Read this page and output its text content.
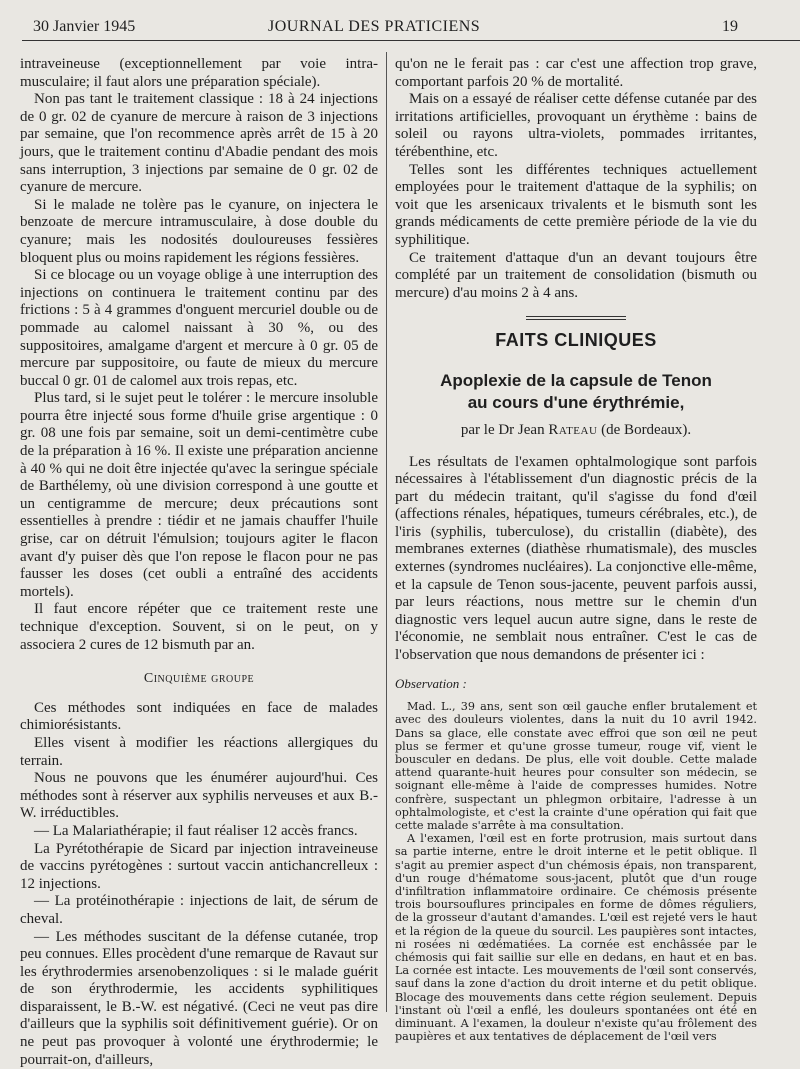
30 Janvier 1945	JOURNAL DES PRATICIENS	19

intraveineuse (exceptionnellement par voie intra-musculaire; il faut alors une préparation spéciale).

Non pas tant le traitement classique : 18 à 24 injections de 0 gr. 02 de cyanure de mercure à raison de 3 injections par semaine, que l'on recommence après arrêt de 15 à 20 jours, que le traitement continu d'Abadie pendant des mois sans interruption, 3 injections par semaine de 0 gr. 02 de cyanure de mercure.

Si le malade ne tolère pas le cyanure, on injectera le benzoate de mercure intramusculaire, à dose double du cyanure; mais les nodosités douloureuses fessières bloquent plus ou moins rapidement les régions fessières.

Si ce blocage ou un voyage oblige à une interruption des injections on continuera le traitement continu par des frictions : 5 à 4 grammes d'onguent mercuriel double ou de pommade au calomel naissant à 30 %, ou des suppositoires, amalgame d'argent et mercure à 0 gr. 05 de mercure par suppositoire, ou faute de mieux du mercure buccal 0 gr. 01 de calomel aux trois repas, etc.

Plus tard, si le sujet peut le tolérer : le mercure insoluble pourra être injecté sous forme d'huile grise argentique : 0 gr. 08 une fois par semaine, soit un demi-centimètre cube de la préparation à 16 %. Il existe une préparation ancienne à 40 % qui ne doit être injectée qu'avec la seringue spéciale de Barthélemy, où une division correspond à une goutte et un centigramme de mercure; deux précautions sont essentielles à prendre : tiédir et ne jamais chauffer l'huile grise, car on détruit l'émulsion; toujours agiter le flacon avant d'y puiser dès que l'on repose le flacon pour ne pas fausser les doses (cet oubli a entraîné des accidents mortels).

Il faut encore répéter que ce traitement reste une technique d'exception. Souvent, si on le peut, on y associera 2 cures de 12 bismuth par an.

Cinquième groupe

Ces méthodes sont indiquées en face de malades chimiorésistants.

Elles visent à modifier les réactions allergiques du terrain.

Nous ne pouvons que les énumérer aujourd'hui. Ces méthodes sont à réserver aux syphilis nerveuses et aux B.-W. irréductibles.

— La Malariathérapie; il faut réaliser 12 accès francs.

La Pyrétothérapie de Sicard par injection intraveineuse de vaccins pyrétogènes : surtout vaccin antichancrelleux : 12 injections.

— La protéinothérapie : injections de lait, de sérum de cheval.

— Les méthodes suscitant de la défense cutanée, trop peu connues. Elles procèdent d'une remarque de Ravaut sur les érythrodermies arsenobenzoliques : si le malade guérit de son érythrodermie, les accidents syphilitiques disparaissent, le B.-W. est négativé. (Ceci ne veut pas dire d'ailleurs que la syphilis soit définitivement guérie). Or on ne peut pas provoquer à volonté une érythrodermie; le pourrait-on, d'ailleurs,

qu'on ne le ferait pas : car c'est une affection trop grave, comportant parfois 20 % de mortalité.

Mais on a essayé de réaliser cette défense cutanée par des irritations artificielles, provoquant un érythème : bains de soleil ou rayons ultra-violets, pommades irritantes, térébenthine, etc.

Telles sont les différentes techniques actuellement employées pour le traitement d'attaque de la syphilis; on voit que les arsenicaux trivalents et le bismuth sont les grands médicaments de cette première période de la vie du syphilitique.

Ce traitement d'attaque d'un an devant toujours être complété par un traitement de consolidation (bismuth ou mercure) d'au moins 2 à 4 ans.

FAITS CLINIQUES
Apoplexie de la capsule de Tenon
au cours d'une érythrémie,

par le Dr Jean Rateau (de Bordeaux).

Les résultats de l'examen ophtalmologique sont parfois nécessaires à l'établissement d'un diagnostic précis de la part du médecin traitant, qu'il s'agisse du fond d'œil (affections rénales, hépatiques, tumeurs cérébrales, etc.), de l'iris (syphilis, tuberculose), du cristallin (diabète), des membranes externes (diathèse rhumatismale), des muscles externes (syndromes nucléaires). La conjonctive elle-même, et la capsule de Tenon sous-jacente, peuvent parfois aussi, par leurs réactions, nous mettre sur le chemin d'un diagnostic vers lequel aucun autre signe, dans le reste de l'économie, ne semblait nous entraîner. C'est le cas de l'observation que nous demandons de présenter ici :

Observation :

Mad. L., 39 ans, sent son œil gauche enfler brutalement et avec des douleurs violentes, dans la nuit du 10 avril 1942. Dans sa glace, elle constate avec effroi que son œil ne peut plus se fermer et qu'une grosse tumeur, rouge vif, vient le bousculer en dedans. De plus, elle voit double. Cette malade attend quarante-huit heures pour consulter son médecin, se soignant elle-même à l'aide de compresses humides. Notre confrère, suspectant un phlegmon orbitaire, l'adresse à un ophtalmologiste, et c'est la crainte d'une opération qui fait que cette malade s'arrête à ma consultation.

A l'examen, l'œil est en forte protrusion, mais surtout dans sa partie interne, entre le droit interne et le petit oblique. Il s'agit au premier aspect d'un chémosis épais, non transparent, d'un rouge d'hématome sous-jacent, plutôt que d'un rouge d'infiltration inflammatoire ordinaire. Ce chémosis présente trois boursouflures principales en forme de dômes réguliers, de la grosseur d'autant d'amandes. L'œil est rejeté vers le haut et la région de la queue du sourcil. Les paupières sont intactes, ni rosées ni œdématiées. La cornée est enchâssée par le chémosis qui fait saillie sur elle en dedans, en haut et en bas. La cornée est intacte. Les mouvements de l'œil sont conservés, sauf dans la zone d'action du droit interne et du petit oblique. Blocage des mouvements dans cette région seulement. Depuis l'instant où l'œil a enflé, les douleurs spontanées ont été en diminuant. A l'examen, la douleur n'existe qu'au frôlement des paupières et aux tentatives de déplacement de l'œil vers
